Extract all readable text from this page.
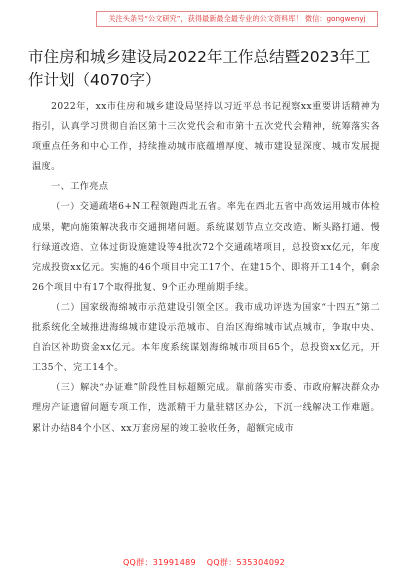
关注头条号“公文研究”，获得最新最全最专业的公文资料库！ 微信：gongwenyj
市住房和城乡建设局2022年工作总结暨2023年工作计划（4070字）

2022年，xx市住房和城乡建设局坚持以习近平总书记视察xx重要讲话精神为指引，认真学习贯彻自治区第十三次党代会和市第十五次党代会精神，统筹落实各项重点任务和中心工作，持续推动城市底蕴增厚度、城市建设显深度、城市发展提温度。

一、工作亮点

（一）交通疏堵6+N工程领跑西北五省。率先在西北五省中高效运用城市体检成果，靶向施策解决我市交通拥堵问题。系统谋划节点立交改造、断头路打通、慢行绿道改造、立体过街设施建设等4批次72个交通疏堵项目，总投资xx亿元，年度完成投资xx亿元。实施的46个项目中完工17个、在建15个、即将开工14个，剩余26个项目中有17个取得批复、9个正办理前期手续。

（二）国家级海绵城市示范建设引领全区。我市成功评选为国家“十四五”第二批系统化全域推进海绵城市建设示范城市、自治区海绵城市试点城市，争取中央、自治区补助资金xx亿元。本年度系统谋划海绵城市项目65个，总投资xx亿元，开工35个、完工14个。

（三）解决“办证难”阶段性目标超额完成。靠前落实市委、市政府解决群众办理房产证遗留问题专项工作，选派精干力量驻辖区办公，下沉一线解决工作难题。累计办结84个小区、xx万套房屋的竣工验收任务，超额完成市

QQ群：31991489 QQ群：535304092
